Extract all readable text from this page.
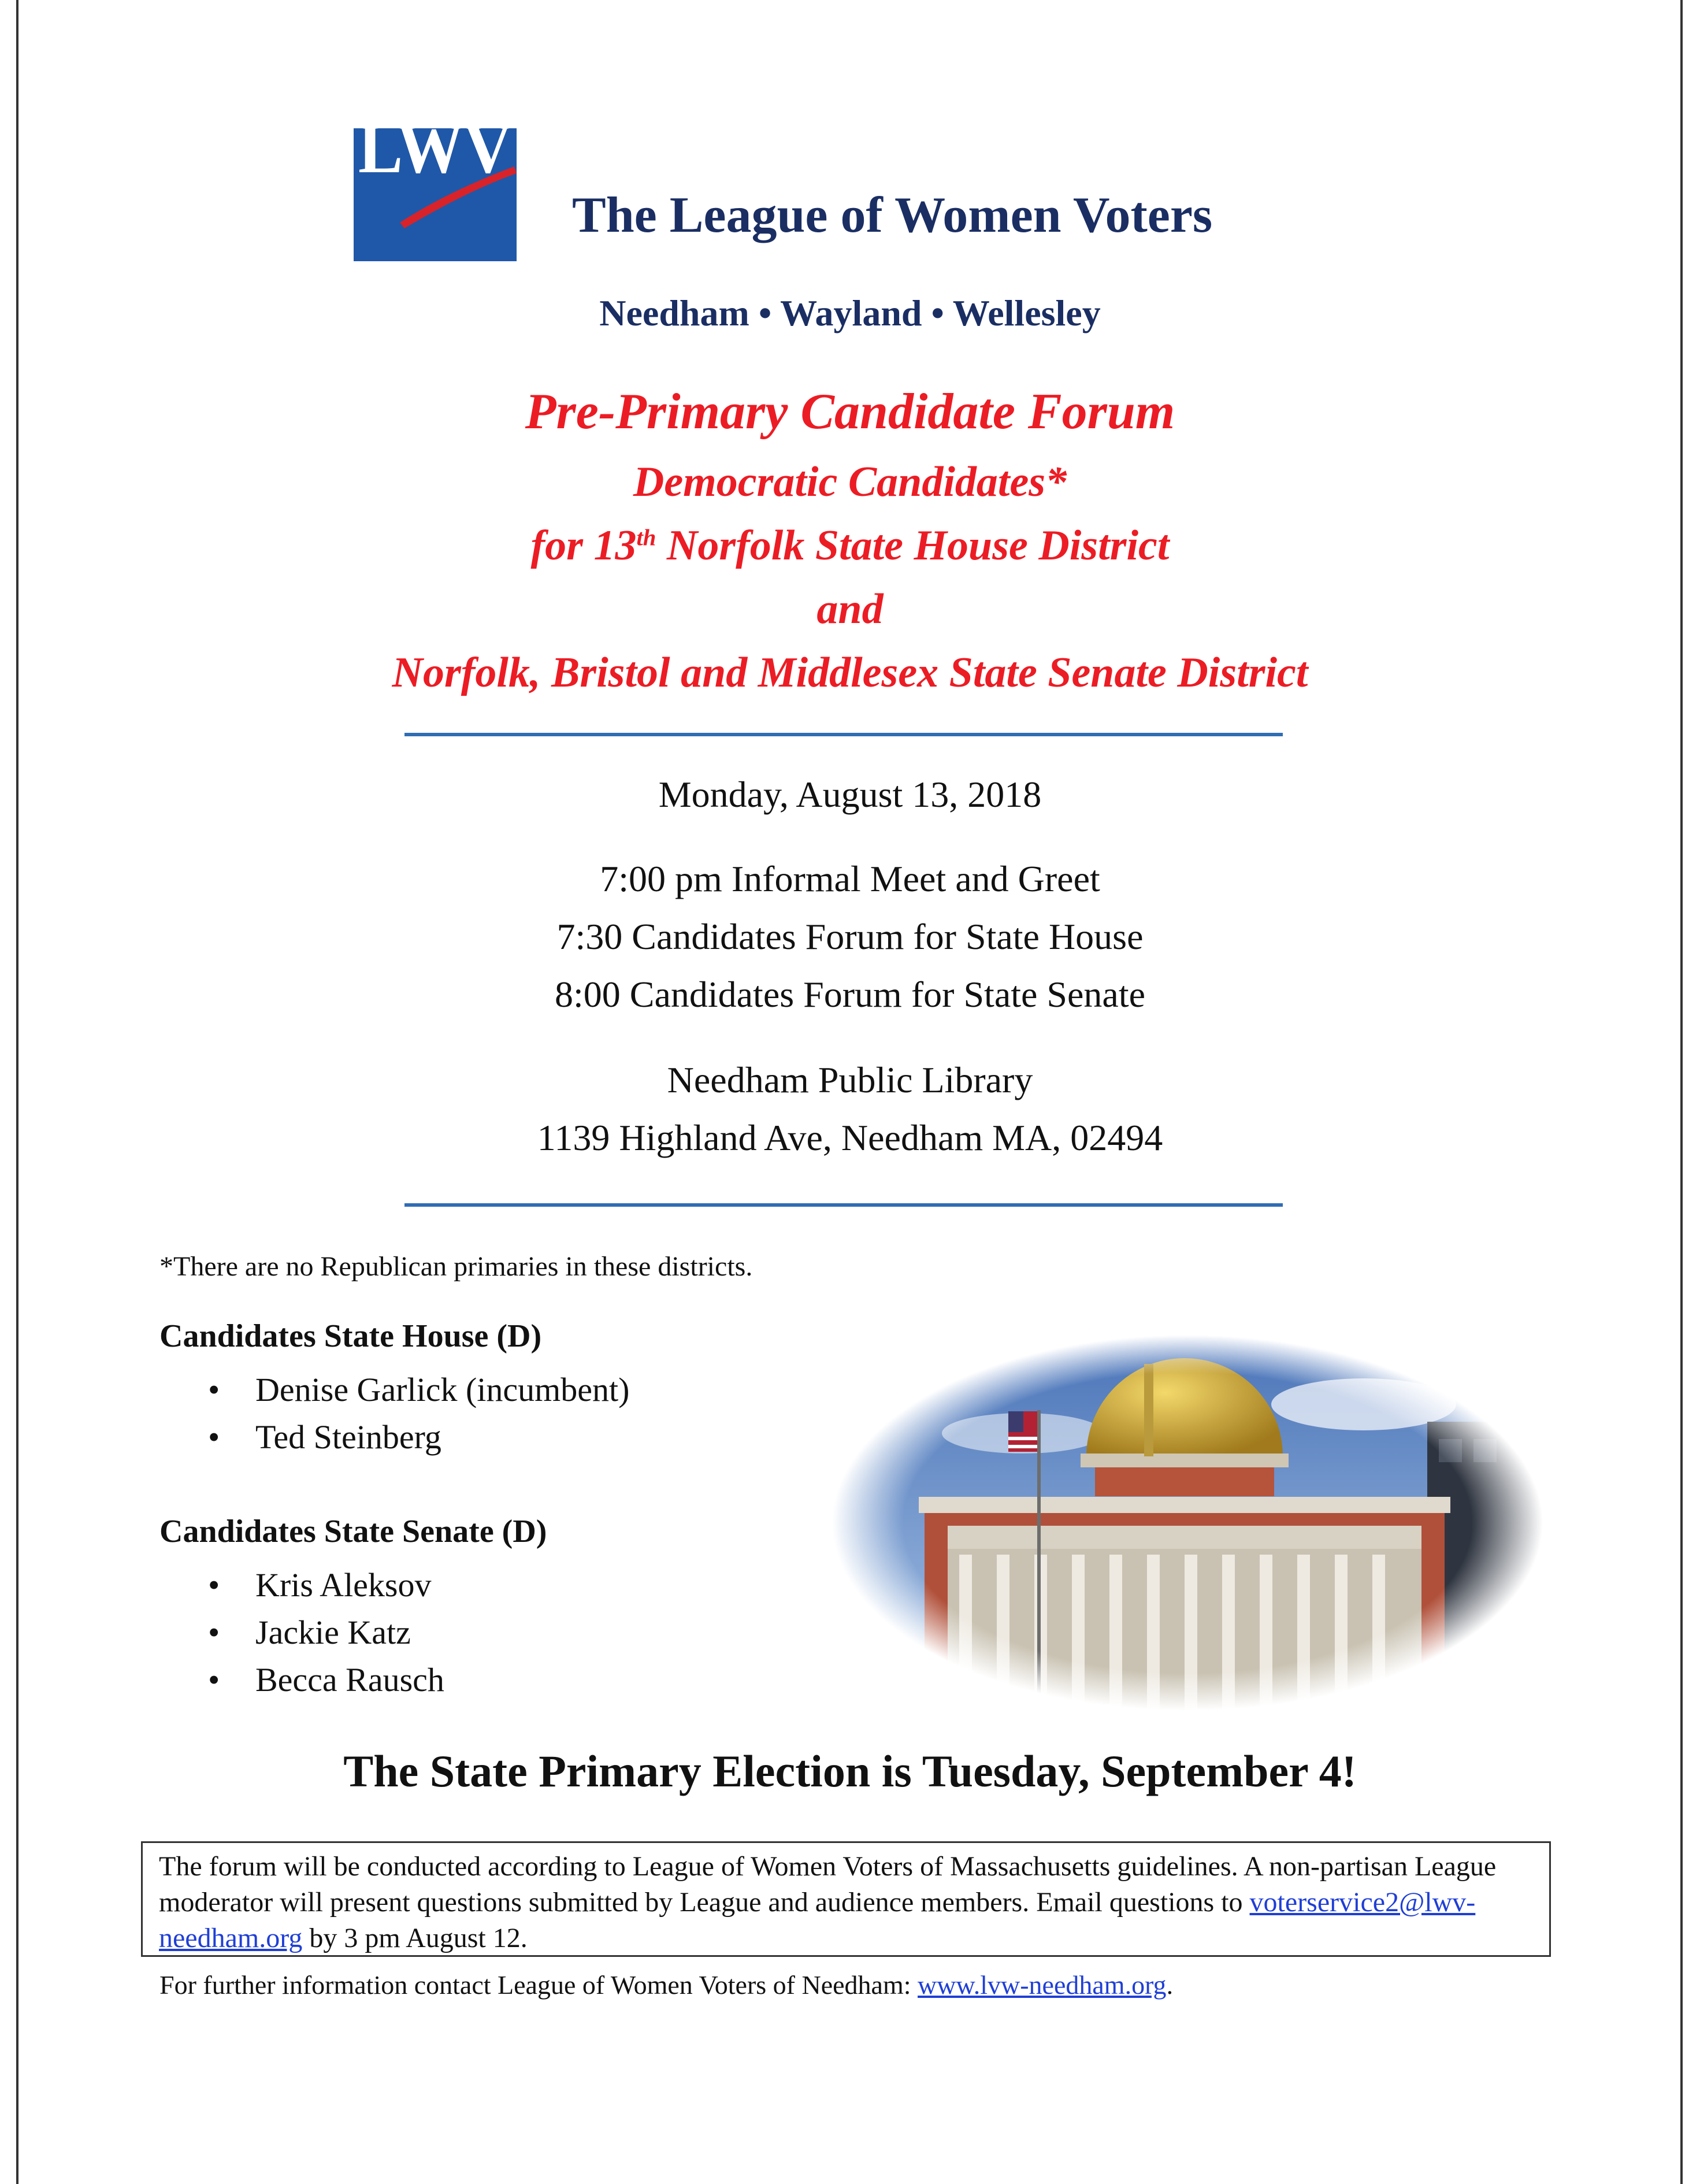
LWV
The League of Women Voters
Needham • Wayland • Wellesley
Pre-Primary Candidate Forum
Democratic Candidates*
for 13th Norfolk State House District
and
Norfolk, Bristol and Middlesex State Senate District
Monday, August 13, 2018
7:00 pm Informal Meet and Greet
7:30 Candidates Forum for State House
8:00 Candidates Forum for State Senate
Needham Public Library
1139 Highland Ave, Needham MA, 02494
*There are no Republican primaries in these districts.
Candidates State House (D)
• Denise Garlick (incumbent)
• Ted Steinberg
Candidates State Senate (D)
• Kris Aleksov
• Jackie Katz
• Becca Rausch
The State Primary Election is Tuesday, September 4!
The forum will be conducted according to League of Women Voters of Massachusetts guidelines. A non-partisan League moderator will present questions submitted by League and audience members. Email questions to voterservice2@lwv-needham.org by 3 pm August 12.
For further information contact League of Women Voters of Needham: www.lvw-needham.org.
